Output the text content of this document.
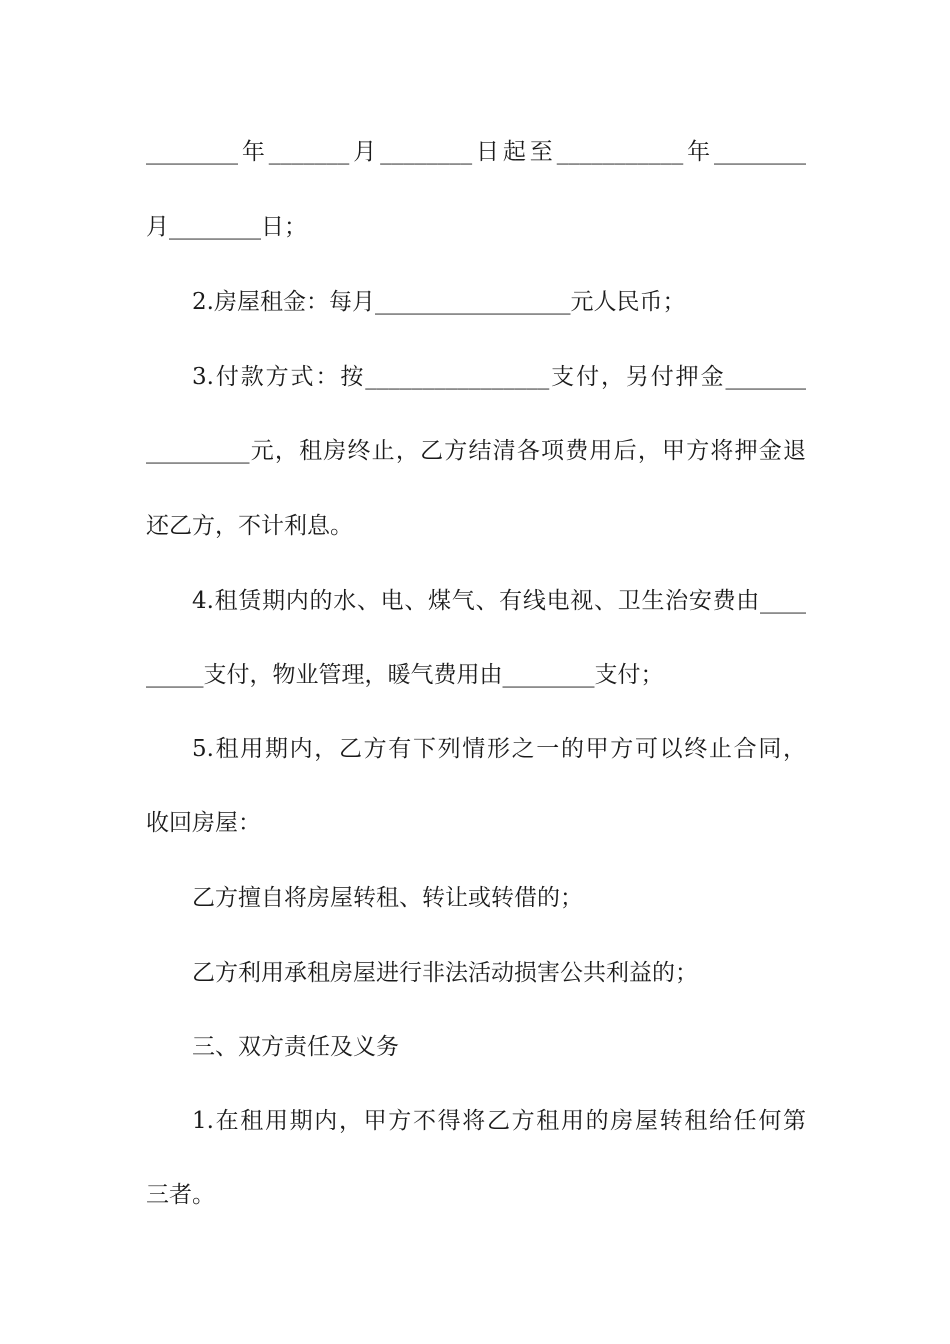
________年_______月________日起至___________年________
月________日；
2.房屋租金：每月_________________元人民币；
3.付款方式：按________________支付，另付押金_______
_________元，租房终止，乙方结清各项费用后，甲方将押金退
还乙方，不计利息。
4.租赁期内的水、电、煤气、有线电视、卫生治安费由____
_____支付，物业管理，暖气费用由________支付；
5.租用期内，乙方有下列情形之一的甲方可以终止合同，
收回房屋：
乙方擅自将房屋转租、转让或转借的；
乙方利用承租房屋进行非法活动损害公共利益的；
三、双方责任及义务
1.在租用期内，甲方不得将乙方租用的房屋转租给任何第
三者。
